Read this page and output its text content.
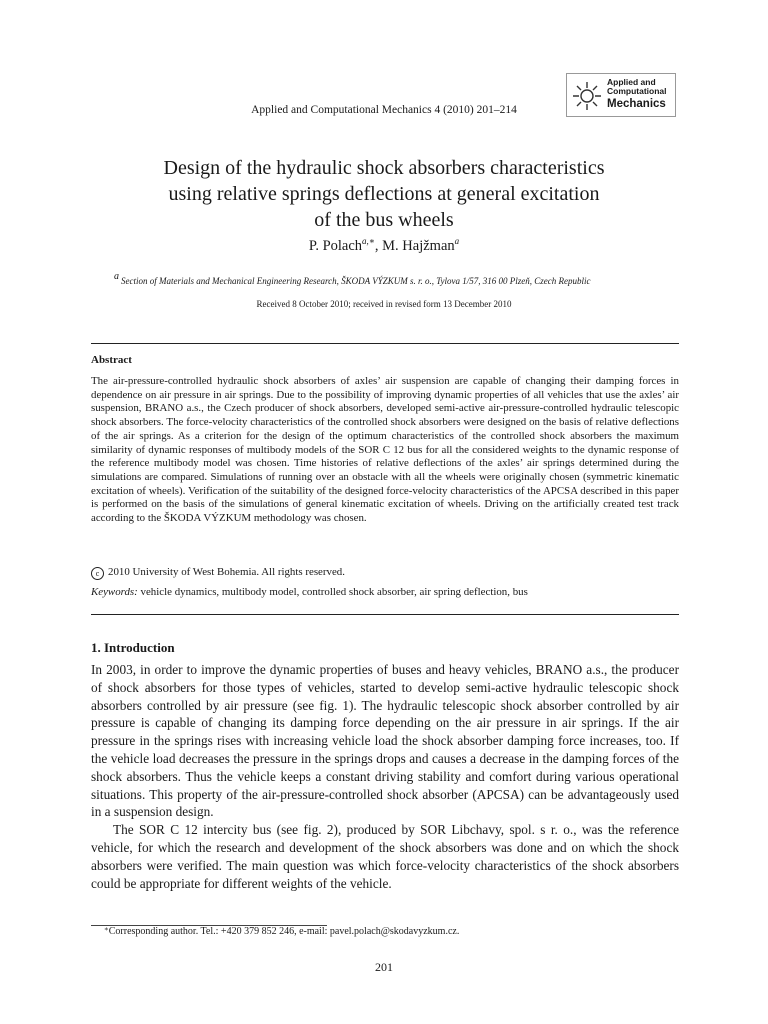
Applied and Computational Mechanics 4 (2010) 201–214
Applied and
Computational
Mechanics
Design of the hydraulic shock absorbers characteristics
using relative springs deflections at general excitation
of the bus wheels
P. Polach$^{a,∗}$, M. Hajžman$^a$
a Section of Materials and Mechanical Engineering Research, ŠKODA VÝZKUM s. r. o., Tylova 1/57, 316 00 Plzeň, Czech Republic
Received 8 October 2010; received in revised form 13 December 2010
Abstract
The air-pressure-controlled hydraulic shock absorbers of axles’ air suspension are capable of changing their damping forces in dependence on air pressure in air springs. Due to the possibility of improving dynamic properties of all vehicles that use the axles’ air suspension, BRANO a.s., the Czech producer of shock absorbers, developed semi-active air-pressure-controlled hydraulic telescopic shock absorbers. The force-velocity characteristics of the controlled shock absorbers were designed on the basis of relative deflections of the air springs. As a criterion for the design of the optimum characteristics of the controlled shock absorbers the maximum similarity of dynamic responses of multibody models of the SOR C 12 bus for all the considered weights to the dynamic response of the reference multibody model was chosen. Time histories of relative deflections of the axles’ air springs determined during the simulations are compared. Simulations of running over an obstacle with all the wheels were originally chosen (symmetric kinematic excitation of wheels). Verification of the suitability of the designed force-velocity characteristics of the APCSA described in this paper is performed on the basis of the simulations of general kinematic excitation of wheels. Driving on the artificially created test track according to the ŠKODA VÝZKUM methodology was chosen.
c 2010 University of West Bohemia. All rights reserved.
Keywords: vehicle dynamics, multibody model, controlled shock absorber, air spring deflection, bus
1. Introduction

In 2003, in order to improve the dynamic properties of buses and heavy vehicles, BRANO a.s., the producer of shock absorbers for those types of vehicles, started to develop semi-active hydraulic telescopic shock absorbers controlled by air pressure (see fig. 1). The hydraulic telescopic shock absorber controlled by air pressure is capable of changing its damping force depending on the air pressure in air springs. If the air pressure in the springs rises with increasing vehicle load the shock absorber damping force increases, too. If the vehicle load decreases the pressure in the springs drops and causes a decrease in the damping forces of the shock absorbers. Thus the vehicle keeps a constant driving stability and comfort during various operational situations. This property of the air-pressure-controlled shock absorber (APCSA) can be advantageously used in a suspension design.

The SOR C 12 intercity bus (see fig. 2), produced by SOR Libchavy, spol. s r. o., was the reference vehicle, for which the research and development of the shock absorbers was done and on which the shock absorbers were verified. The main question was which force-velocity characteristics of the shock absorbers could be appropriate for different weights of the vehicle.

∗Corresponding author. Tel.: +420 379 852 246, e-mail: pavel.polach@skodavyzkum.cz.
201
